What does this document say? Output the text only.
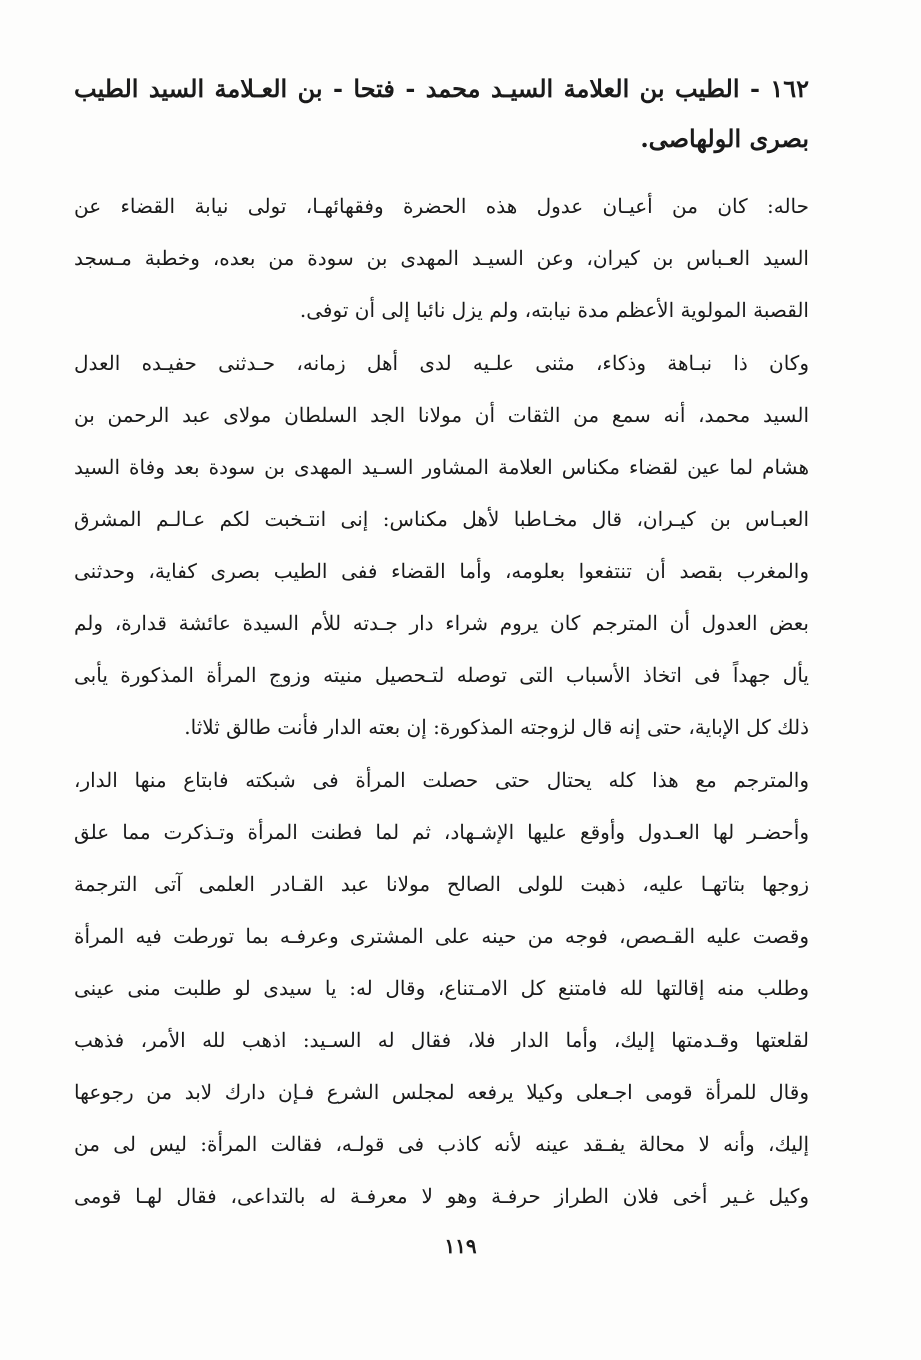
١٦٢ - الطيب بن العلامة السيـد محمد - فتحا - بن العـلامة السيد الطيب
بصرى الولهاصى.
حاله: كان من أعيـان عدول هذه الحضرة وفقهائهـا، تولى نيابة القضاء عن
السيد العـباس بن كيران، وعن السيـد المهدى بن سودة من بعده، وخطبة مـسجد
القصبة المولوية الأعظم مدة نيابته، ولم يزل نائبا إلى أن توفى.
وكان ذا نبـاهة وذكاء، مثنى علـيه لدى أهل زمانه، حـدثنى حفيـده العدل
السيد محمد، أنه سمع من الثقات أن مولانا الجد السلطان مولاى عبد الرحمن بن
هشام لما عين لقضاء مكناس العلامة المشاور السـيد المهدى بن سودة بعد وفاة السيد
العبـاس بن كيـران، قال مخـاطبا لأهل مكناس: إنى انتـخبت لكم عـالـم المشرق
والمغرب بقصد أن تنتفعوا بعلومه، وأما القضاء ففى الطيب بصرى كفاية، وحدثنى
بعض العدول أن المترجم كان يروم شراء دار جـدته للأم السيدة عائشة قدارة، ولم
يأل جهداً فى اتخاذ الأسباب التى توصله لتـحصيل منيته وزوج المرأة المذكورة يأبى
ذلك كل الإباية، حتى إنه قال لزوجته المذكورة: إن بعته الدار فأنت طالق ثلاثا.
والمترجم مع هذا كله يحتال حتى حصلت المرأة فى شبكته فابتاع منها الدار،
وأحضـر لها العـدول وأوقع عليها الإشـهاد، ثم لما فطنت المرأة وتـذكرت مما علق
زوجها بتاتهـا عليه، ذهبت للولى الصالح مولانا عبد القـادر العلمى آتى الترجمة
وقصت عليه القـصص، فوجه من حينه على المشترى وعرفـه بما تورطت فيه المرأة
وطلب منه إقالتها لله فامتنع كل الامـتناع، وقال له: يا سيدى لو طلبت منى عينى
لقلعتها وقـدمتها إليك، وأما الدار فلا، فقال له السـيد: اذهب لله الأمر، فذهب
وقال للمرأة قومى اجـعلى وكيلا يرفعه لمجلس الشرع فـإن دارك لابد من رجوعها
إليك، وأنه لا محالة يفـقد عينه لأنه كاذب فى قولـه، فقالت المرأة: ليس لى من
وكيل غـير أخى فلان الطراز حرفـة وهو لا معرفـة له بالتداعى، فقال لهـا قومى
١١٩
